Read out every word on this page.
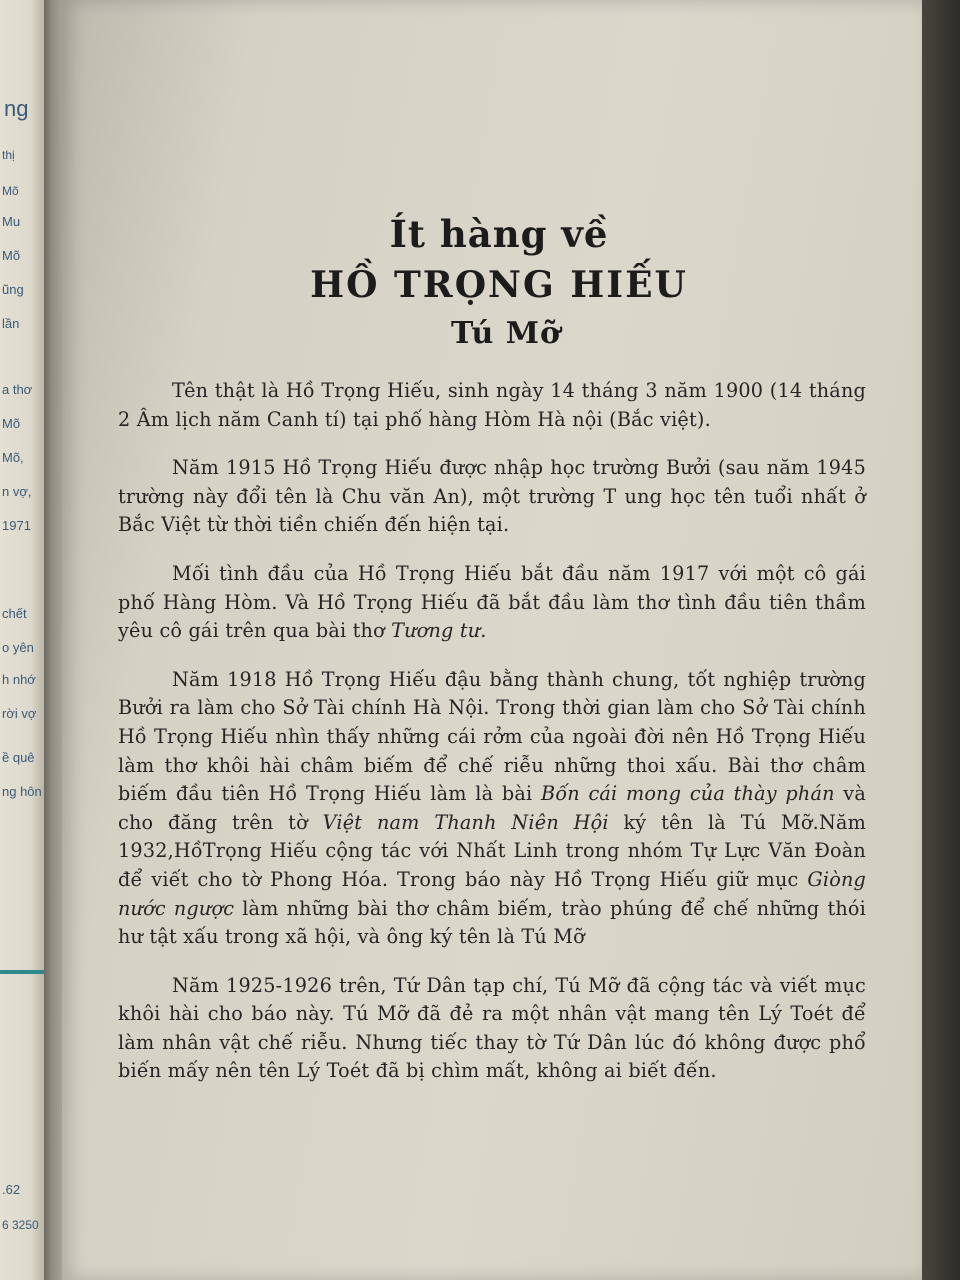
ng
thị
Mõ
Mu
Mõ
ũng
lần
a thơ
Mõ
Mõ,
n vợ,
1971
chết
o yên
h nhớ
rời vợ
ề quê
ng hôn
.62
6 3250
Ít hàng về
HỒ TRỌNG HIẾU
Tú Mỡ

Tên thật là Hồ Trọng Hiếu, sinh ngày 14 tháng 3 năm 1900 (14 tháng 2 Âm lịch năm Canh tí) tại phố hàng Hòm Hà nội (Bắc việt).

Năm 1915 Hồ Trọng Hiếu được nhập học trường Bưởi (sau năm 1945 trường này đổi tên là Chu văn An), một trường T ung học tên tuổi nhất ở Bắc Việt từ thời tiền chiến đến hiện tại.

Mối tình đầu của Hồ Trọng Hiếu bắt đầu năm 1917 với một cô gái phố Hàng Hòm. Và Hồ Trọng Hiếu đã bắt đầu làm thơ tình đầu tiên thầm yêu cô gái trên qua bài thơ Tương tư.

Năm 1918 Hồ Trọng Hiếu đậu bằng thành chung, tốt nghiệp trường Bưởi ra làm cho Sở Tài chính Hà Nội. Trong thời gian làm cho Sở Tài chính Hồ Trọng Hiếu nhìn thấy những cái rởm của ngoài đời nên Hồ Trọng Hiếu làm thơ khôi hài châm biếm để chế riễu những thoi xấu. Bài thơ châm biếm đầu tiên Hồ Trọng Hiếu làm là bài Bốn cái mong của thày phán và cho đăng trên tờ Việt nam Thanh Niên Hội ký tên là Tú Mỡ.Năm 1932,HồTrọng Hiếu cộng tác với Nhất Linh trong nhóm Tự Lực Văn Đoàn để viết cho tờ Phong Hóa. Trong báo này Hồ Trọng Hiếu giữ mục Giòng nước ngược làm những bài thơ châm biếm, trào phúng để chế những thói hư tật xấu trong xã hội, và ông ký tên là Tú Mỡ

Năm 1925-1926 trên, Tứ Dân tạp chí, Tú Mỡ đã cộng tác và viết mục khôi hài cho báo này. Tú Mỡ đã đẻ ra một nhân vật mang tên Lý Toét để làm nhân vật chế riễu. Nhưng tiếc thay tờ Tứ Dân lúc đó không được phổ biến mấy nên tên Lý Toét đã bị chìm mất, không ai biết đến.
